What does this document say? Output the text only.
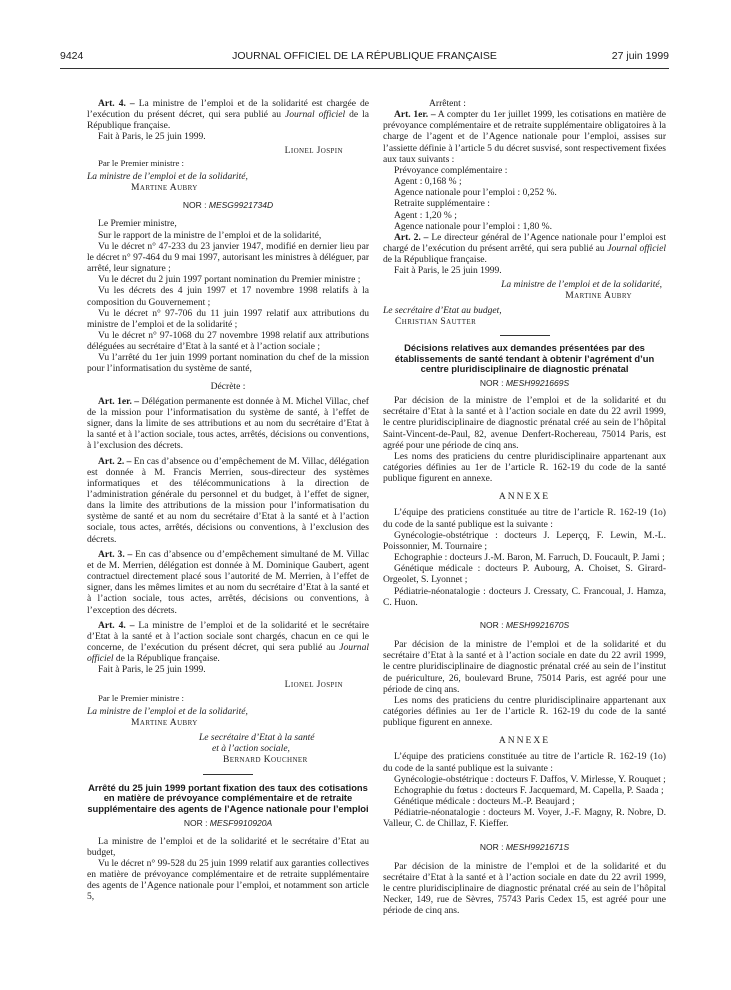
9424	JOURNAL OFFICIEL DE LA RÉPUBLIQUE FRANÇAISE	27 juin 1999

Art. 4. – La ministre de l’emploi et de la solidarité est chargée de l’exécution du présent décret, qui sera publié au Journal officiel de la République française.

Fait à Paris, le 25 juin 1999.

Lionel Jospin

Par le Premier ministre :

La ministre de l’emploi et de la solidarité,

Martine Aubry

NOR : MESG9921734D

Le Premier ministre,

Sur le rapport de la ministre de l’emploi et de la solidarité,

Vu le décret n° 47-233 du 23 janvier 1947, modifié en dernier lieu par le décret n° 97-464 du 9 mai 1997, autorisant les ministres à déléguer, par arrêté, leur signature ;

Vu le décret du 2 juin 1997 portant nomination du Premier ministre ;

Vu les décrets des 4 juin 1997 et 17 novembre 1998 relatifs à la composition du Gouvernement ;

Vu le décret n° 97-706 du 11 juin 1997 relatif aux attributions du ministre de l’emploi et de la solidarité ;

Vu le décret n° 97-1068 du 27 novembre 1998 relatif aux attributions déléguées au secrétaire d’Etat à la santé et à l’action sociale ;

Vu l’arrêté du 1er juin 1999 portant nomination du chef de la mission pour l’informatisation du système de santé,

Décrète :

Art. 1er. – Délégation permanente est donnée à M. Michel Villac, chef de la mission pour l’informatisation du système de santé, à l’effet de signer, dans la limite de ses attributions et au nom du secrétaire d’Etat à la santé et à l’action sociale, tous actes, arrêtés, décisions ou conventions, à l’exclusion des décrets.

Art. 2. – En cas d’absence ou d’empêchement de M. Villac, délégation est donnée à M. Francis Merrien, sous-directeur des systèmes informatiques et des télécommunications à la direction de l’administration générale du personnel et du budget, à l’effet de signer, dans la limite des attributions de la mission pour l’informatisation du système de santé et au nom du secrétaire d’Etat à la santé et à l’action sociale, tous actes, arrêtés, décisions ou conventions, à l’exclusion des décrets.

Art. 3. – En cas d’absence ou d’empêchement simultané de M. Villac et de M. Merrien, délégation est donnée à M. Dominique Gaubert, agent contractuel directement placé sous l’autorité de M. Merrien, à l’effet de signer, dans les mêmes limites et au nom du secrétaire d’Etat à la santé et à l’action sociale, tous actes, arrêtés, décisions ou conventions, à l’exception des décrets.

Art. 4. – La ministre de l’emploi et de la solidarité et le secrétaire d’Etat à la santé et à l’action sociale sont chargés, chacun en ce qui le concerne, de l’exécution du présent décret, qui sera publié au Journal officiel de la République française.

Fait à Paris, le 25 juin 1999.

Lionel Jospin

Par le Premier ministre :

La ministre de l’emploi et de la solidarité,

Martine Aubry

Le secrétaire d’Etat à la santé

et à l’action sociale,

Bernard Kouchner

Arrêté du 25 juin 1999 portant fixation des taux des cotisations en matière de prévoyance complémentaire et de retraite supplémentaire des agents de l’Agence nationale pour l’emploi

NOR : MESF9910920A

La ministre de l’emploi et de la solidarité et le secrétaire d’Etat au budget,

Vu le décret n° 99-528 du 25 juin 1999 relatif aux garanties collectives en matière de prévoyance complémentaire et de retraite supplémentaire des agents de l’Agence nationale pour l’emploi, et notamment son article 5,

Arrêtent :

Art. 1er. – A compter du 1er juillet 1999, les cotisations en matière de prévoyance complémentaire et de retraite supplémentaire obligatoires à la charge de l’agent et de l’Agence nationale pour l’emploi, assises sur l’assiette définie à l’article 5 du décret susvisé, sont respectivement fixées aux taux suivants :

Prévoyance complémentaire :

Agent : 0,168 % ;

Agence nationale pour l’emploi : 0,252 %.

Retraite supplémentaire :

Agent : 1,20 % ;

Agence nationale pour l’emploi : 1,80 %.

Art. 2. – Le directeur général de l’Agence nationale pour l’emploi est chargé de l’exécution du présent arrêté, qui sera publié au Journal officiel de la République française.

Fait à Paris, le 25 juin 1999.

La ministre de l’emploi et de la solidarité,

Martine Aubry

Le secrétaire d’Etat au budget,

Christian Sautter

Décisions relatives aux demandes présentées par des établissements de santé tendant à obtenir l’agrément d’un centre pluridisciplinaire de diagnostic prénatal

NOR : MESH9921669S

Par décision de la ministre de l’emploi et de la solidarité et du secrétaire d’Etat à la santé et à l’action sociale en date du 22 avril 1999, le centre pluridisciplinaire de diagnostic prénatal créé au sein de l’hôpital Saint-Vincent-de-Paul, 82, avenue Denfert-Rochereau, 75014 Paris, est agréé pour une période de cinq ans.

Les noms des praticiens du centre pluridisciplinaire appartenant aux catégories définies au 1er de l’article R. 162-19 du code de la santé publique figurent en annexe.

ANNEXE

L’équipe des praticiens constituée au titre de l’article R. 162-19 (1o) du code de la santé publique est la suivante :

Gynécologie-obstétrique : docteurs J. Leperçq, F. Lewin, M.-L. Poissonnier, M. Tournaire ;

Echographie : docteurs J.-M. Baron, M. Farruch, D. Foucault, P. Jami ;

Génétique médicale : docteurs P. Aubourg, A. Choiset, S. Girard-Orgeolet, S. Lyonnet ;

Pédiatrie-néonatalogie : docteurs J. Cressaty, C. Francoual, J. Hamza, C. Huon.

NOR : MESH9921670S

Par décision de la ministre de l’emploi et de la solidarité et du secrétaire d’Etat à la santé et à l’action sociale en date du 22 avril 1999, le centre pluridisciplinaire de diagnostic prénatal créé au sein de l’institut de puériculture, 26, boulevard Brune, 75014 Paris, est agréé pour une période de cinq ans.

Les noms des praticiens du centre pluridisciplinaire appartenant aux catégories définies au 1er de l’article R. 162-19 du code de la santé publique figurent en annexe.

ANNEXE

L’équipe des praticiens constituée au titre de l’article R. 162-19 (1o) du code de la santé publique est la suivante :

Gynécologie-obstétrique : docteurs F. Daffos, V. Mirlesse, Y. Rouquet ;

Echographie du fœtus : docteurs F. Jacquemard, M. Capella, P. Saada ;

Génétique médicale : docteurs M.-P. Beaujard ;

Pédiatrie-néonatalogie : docteurs M. Voyer, J.-F. Magny, R. Nobre, D. Valleur, C. de Chillaz, F. Kieffer.

NOR : MESH9921671S

Par décision de la ministre de l’emploi et de la solidarité et du secrétaire d’Etat à la santé et à l’action sociale en date du 22 avril 1999, le centre pluridisciplinaire de diagnostic prénatal créé au sein de l’hôpital Necker, 149, rue de Sèvres, 75743 Paris Cedex 15, est agréé pour une période de cinq ans.
